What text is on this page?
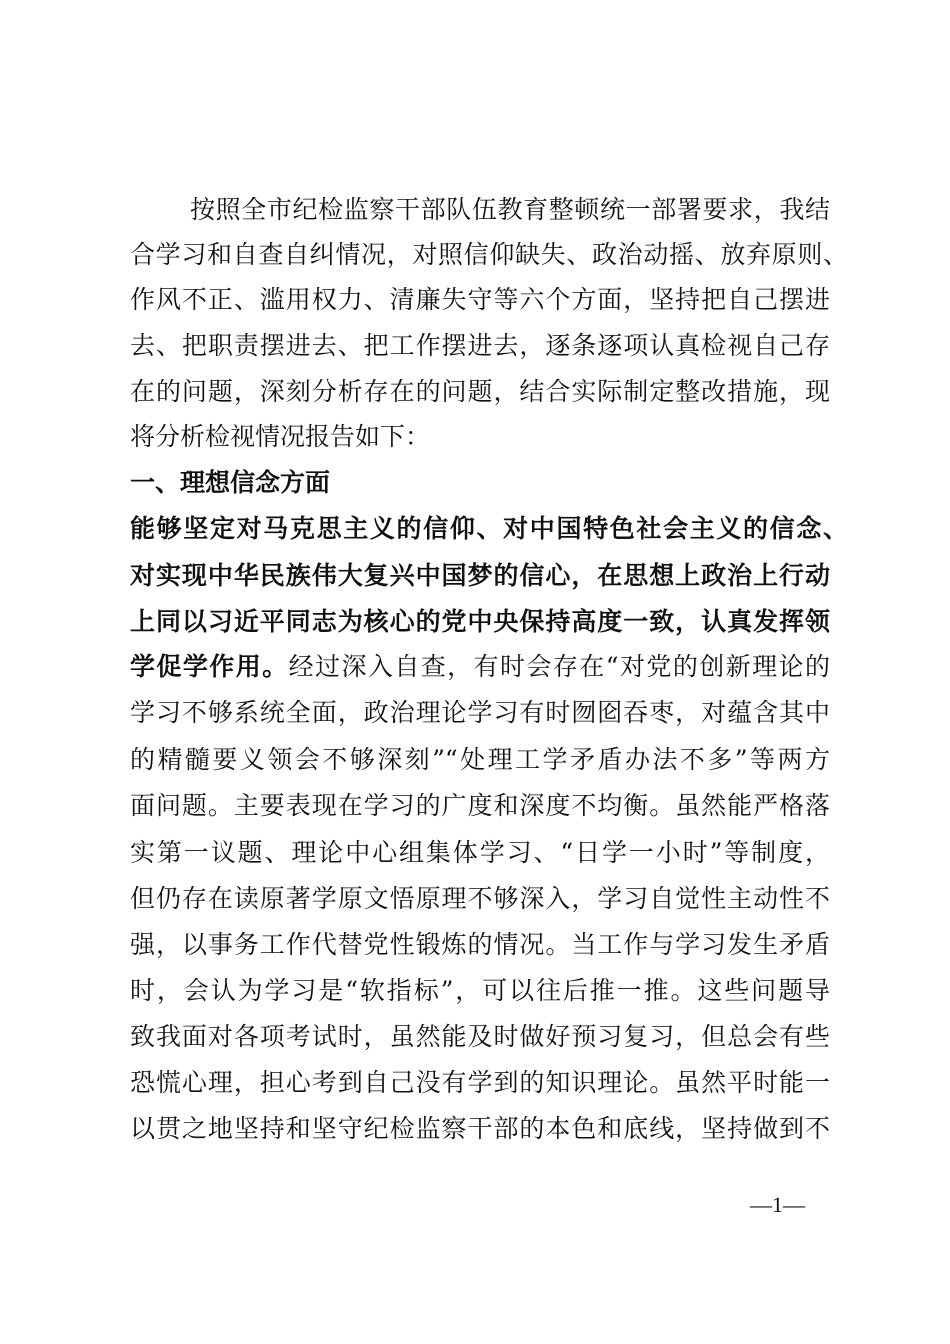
按照全市纪检监察干部队伍教育整顿统一部署要求，我结
合学习和自查自纠情况，对照信仰缺失、政治动摇、放弃原则、
作风不正、滥用权力、清廉失守等六个方面，坚持把自己摆进
去、把职责摆进去、把工作摆进去，逐条逐项认真检视自己存
在的问题，深刻分析存在的问题，结合实际制定整改措施，现
将分析检视情况报告如下：
一、理想信念方面
能够坚定对马克思主义的信仰、对中国特色社会主义的信念、
对实现中华民族伟大复兴中国梦的信心，在思想上政治上行动
上同以习近平同志为核心的党中央保持高度一致，认真发挥领
学促学作用。经过深入自查，有时会存在“对党的创新理论的
学习不够系统全面，政治理论学习有时囫囵吞枣，对蕴含其中
的精髓要义领会不够深刻”“处理工学矛盾办法不多”等两方
面问题。主要表现在学习的广度和深度不均衡。虽然能严格落
实第一议题、理论中心组集体学习、“日学一小时”等制度，
但仍存在读原著学原文悟原理不够深入，学习自觉性主动性不
强，以事务工作代替党性锻炼的情况。当工作与学习发生矛盾
时，会认为学习是“软指标”，可以往后推一推。这些问题导
致我面对各项考试时，虽然能及时做好预习复习，但总会有些
恐慌心理，担心考到自己没有学到的知识理论。虽然平时能一
以贯之地坚持和坚守纪检监察干部的本色和底线，坚持做到不
—1—
